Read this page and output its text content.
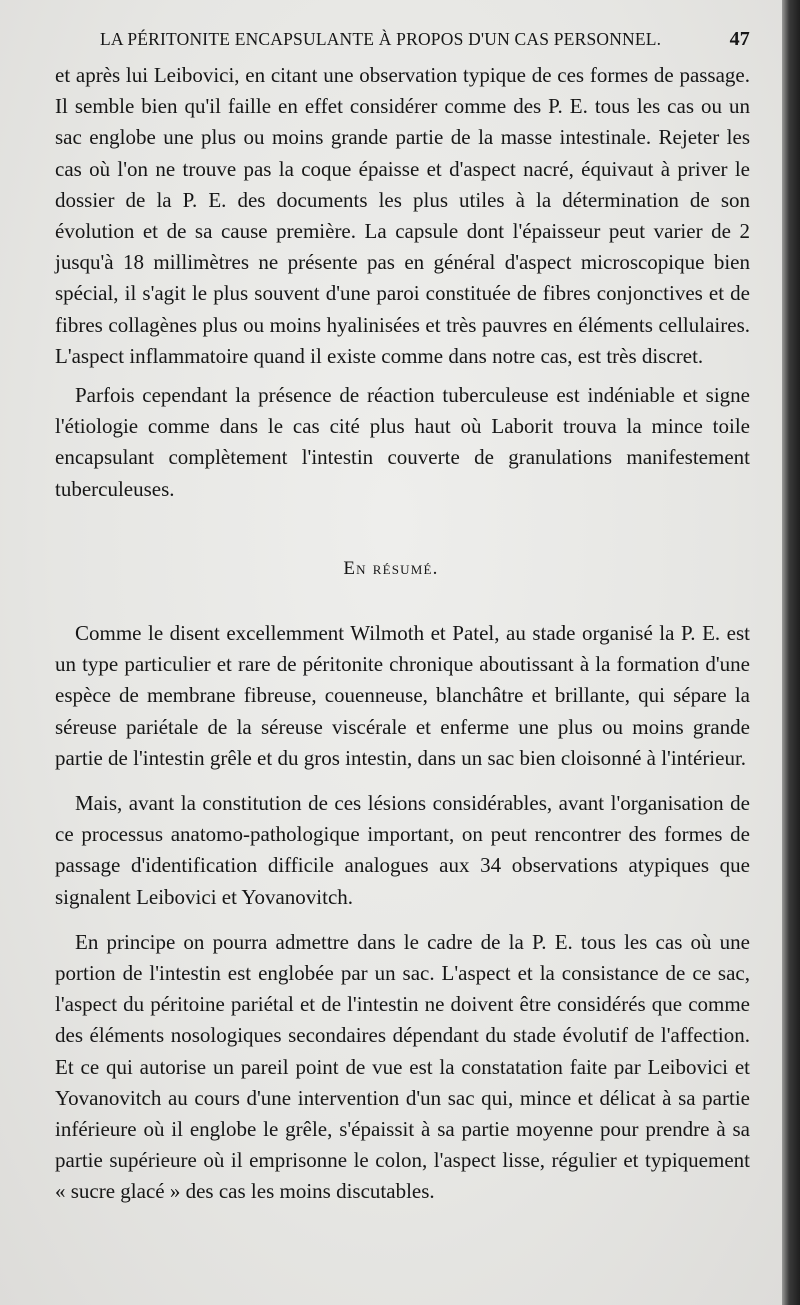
LA PÉRITONITE ENCAPSULANTE À PROPOS D'UN CAS PERSONNEL.	47

et après lui Leibovici, en citant une observation typique de ces formes de passage. Il semble bien qu'il faille en effet considérer comme des P. E. tous les cas ou un sac englobe une plus ou moins grande partie de la masse intestinale. Rejeter les cas où l'on ne trouve pas la coque épaisse et d'aspect nacré, équivaut à priver le dossier de la P. E. des documents les plus utiles à la détermination de son évolution et de sa cause première. La capsule dont l'épaisseur peut varier de 2 jusqu'à 18 millimètres ne présente pas en général d'aspect microscopique bien spécial, il s'agit le plus souvent d'une paroi constituée de fibres conjonctives et de fibres collagènes plus ou moins hyalinisées et très pauvres en éléments cellulaires. L'aspect inflammatoire quand il existe comme dans notre cas, est très discret.

Parfois cependant la présence de réaction tuberculeuse est indéniable et signe l'étiologie comme dans le cas cité plus haut où Laborit trouva la mince toile encapsulant complètement l'intestin couverte de granulations manifestement tuberculeuses.

En résumé.

Comme le disent excellemment Wilmoth et Patel, au stade organisé la P. E. est un type particulier et rare de péritonite chronique aboutissant à la formation d'une espèce de membrane fibreuse, couenneuse, blanchâtre et brillante, qui sépare la séreuse pariétale de la séreuse viscérale et enferme une plus ou moins grande partie de l'intestin grêle et du gros intestin, dans un sac bien cloisonné à l'intérieur.

Mais, avant la constitution de ces lésions considérables, avant l'organisation de ce processus anatomo-pathologique important, on peut rencontrer des formes de passage d'identification difficile analogues aux 34 observations atypiques que signalent Leibovici et Yovanovitch.

En principe on pourra admettre dans le cadre de la P. E. tous les cas où une portion de l'intestin est englobée par un sac. L'aspect et la consistance de ce sac, l'aspect du péritoine pariétal et de l'intestin ne doivent être considérés que comme des éléments nosologiques secondaires dépendant du stade évolutif de l'affection. Et ce qui autorise un pareil point de vue est la constatation faite par Leibovici et Yovanovitch au cours d'une intervention d'un sac qui, mince et délicat à sa partie inférieure où il englobe le grêle, s'épaissit à sa partie moyenne pour prendre à sa partie supérieure où il emprisonne le colon, l'aspect lisse, régulier et typiquement « sucre glacé » des cas les moins discutables.
